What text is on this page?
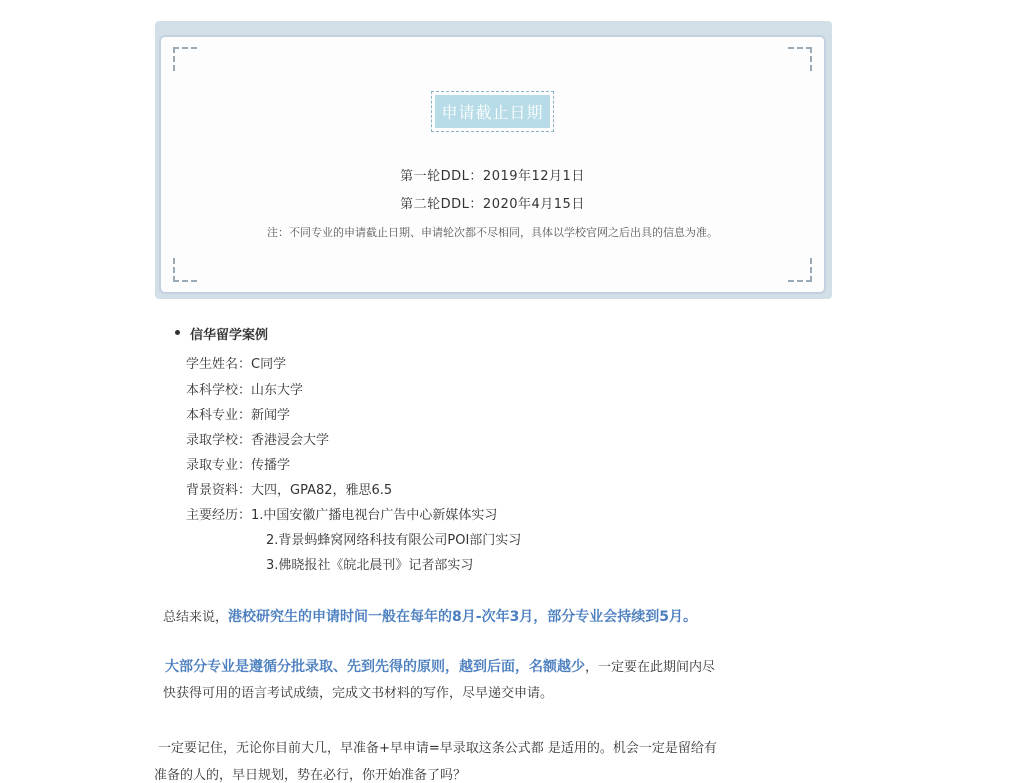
申请截止日期
第一轮DDL：2019年12月1日
第二轮DDL：2020年4月15日
注：不同专业的申请截止日期、申请轮次都不尽相同，具体以学校官网之后出具的信息为准。
信华留学案例
学生姓名：C同学
本科学校：山东大学
本科专业：新闻学
录取学校：香港浸会大学
录取专业：传播学
背景资料：大四，GPA82，雅思6.5
主要经历：1.中国安徽广播电视台广告中心新媒体实习
2.背景蚂蜂窝网络科技有限公司POI部门实习
3.佛晓报社《皖北晨刊》记者部实习
总结来说，港校研究生的申请时间一般在每年的8月-次年3月，部分专业会持续到5月。
大部分专业是遵循分批录取、先到先得的原则，越到后面，名额越少，一定要在此期间内尽
快获得可用的语言考试成绩，完成文书材料的写作，尽早递交申请。
一定要记住，无论你目前大几，早准备+早申请=早录取这条公式都 是适用的。机会一定是留给有
准备的人的，早日规划，势在必行，你开始准备了吗？
